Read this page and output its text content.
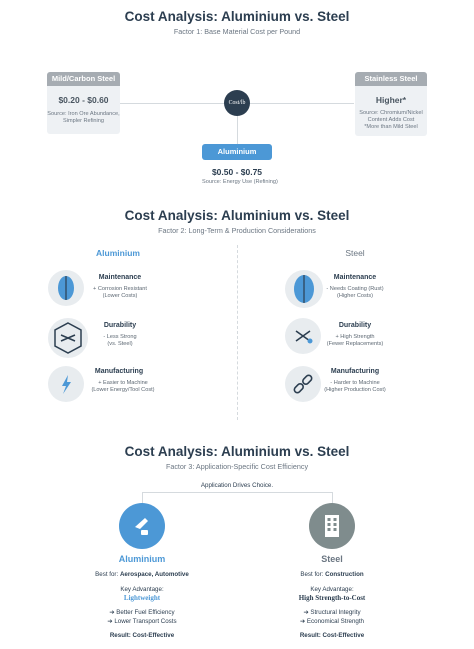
Cost Analysis: Aluminium vs. Steel
Factor 1: Base Material Cost per Pound
Cost/lb
Mild/Carbon Steel
$0.20 - $0.60
Source: Iron Ore Abundance,
Simpler Refining
Stainless Steel
Higher*
Source: Chromium/Nickel
Content Adds Cost
*More than Mild Steel
Aluminium
$0.50 - $0.75
Source: Energy Use (Refining)
Cost Analysis: Aluminium vs. Steel
Factor 2: Long-Term & Production Considerations
Aluminium	Steel
Maintenance
+ Corrosion Resistant
(Lower Costs)
Durability
- Less Strong
(vs. Steel)
Manufacturing
+ Easier to Machine
(Lower Energy/Tool Cost)
Maintenance
- Needs Coating (Rust)
(Higher Costs)
Durability
+ High Strength
(Fewer Replacements)
Manufacturing
- Harder to Machine
(Higher Production Cost)
Cost Analysis: Aluminium vs. Steel
Factor 3: Application-Specific Cost Efficiency
Application Drives Choice.
Aluminium
Best for: Aerospace, Automotive
Key Advantage:
Lightweight
➔ Better Fuel Efficiency
➔ Lower Transport Costs
Result: Cost-Effective
Steel
Best for: Construction
Key Advantage:
High Strength-to-Cost
➔ Structural Integrity
➔ Economical Strength
Result: Cost-Effective
